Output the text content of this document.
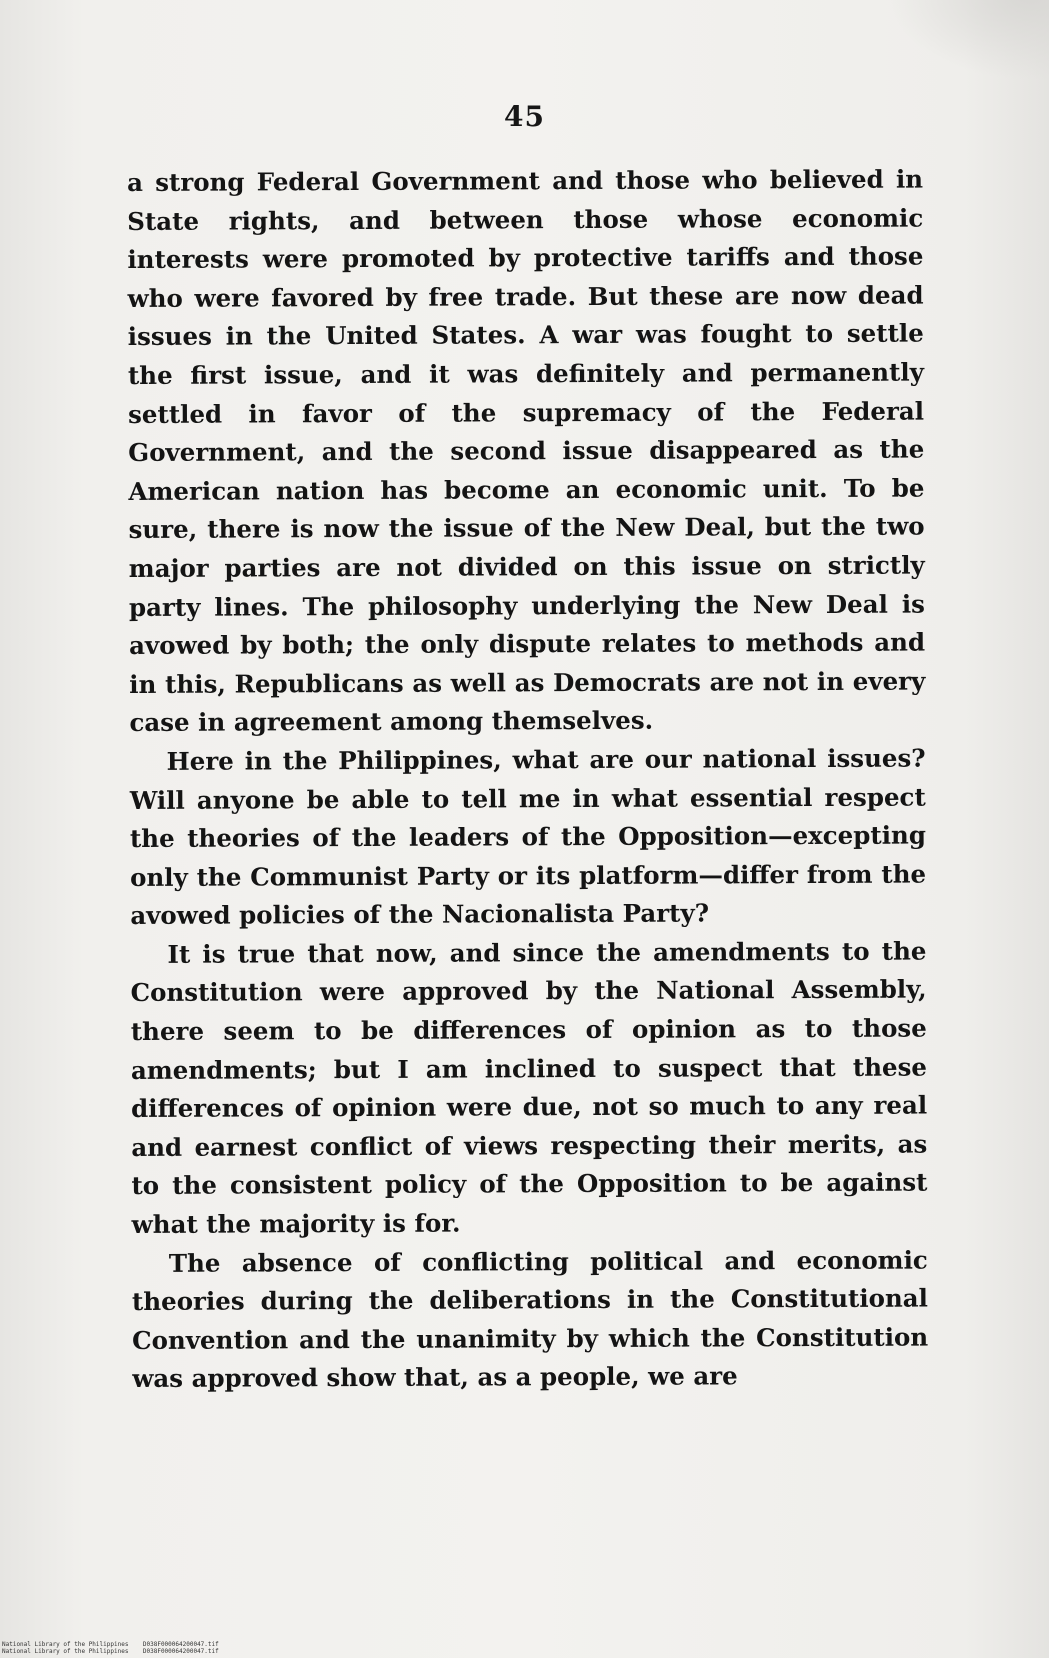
45

a strong Federal Government and those who believed in State rights, and between those whose economic interests were promoted by protective tariffs and those who were favored by free trade. But these are now dead issues in the United States. A war was fought to settle the first issue, and it was definitely and permanently settled in favor of the supremacy of the Federal Government, and the second issue disappeared as the American nation has become an economic unit. To be sure, there is now the issue of the New Deal, but the two major parties are not divided on this issue on strictly party lines. The philosophy underlying the New Deal is avowed by both; the only dispute relates to methods and in this, Republicans as well as Democrats are not in every case in agreement among themselves.

Here in the Philippines, what are our national issues? Will anyone be able to tell me in what essential respect the theories of the leaders of the Opposition—excepting only the Communist Party or its platform—differ from the avowed policies of the Nacionalista Party?

It is true that now, and since the amendments to the Constitution were approved by the National Assembly, there seem to be differences of opinion as to those amendments; but I am inclined to suspect that these differences of opinion were due, not so much to any real and earnest conflict of views respecting their merits, as to the consistent policy of the Opposition to be against what the majority is for.

The absence of conflicting political and economic theories during the deliberations in the Constitutional Convention and the unanimity by which the Constitution was approved show that, as a people, we are

National Library of the Philippines    D038F000064200047.tif
National Library of the Philippines    D038F000064200047.tif
